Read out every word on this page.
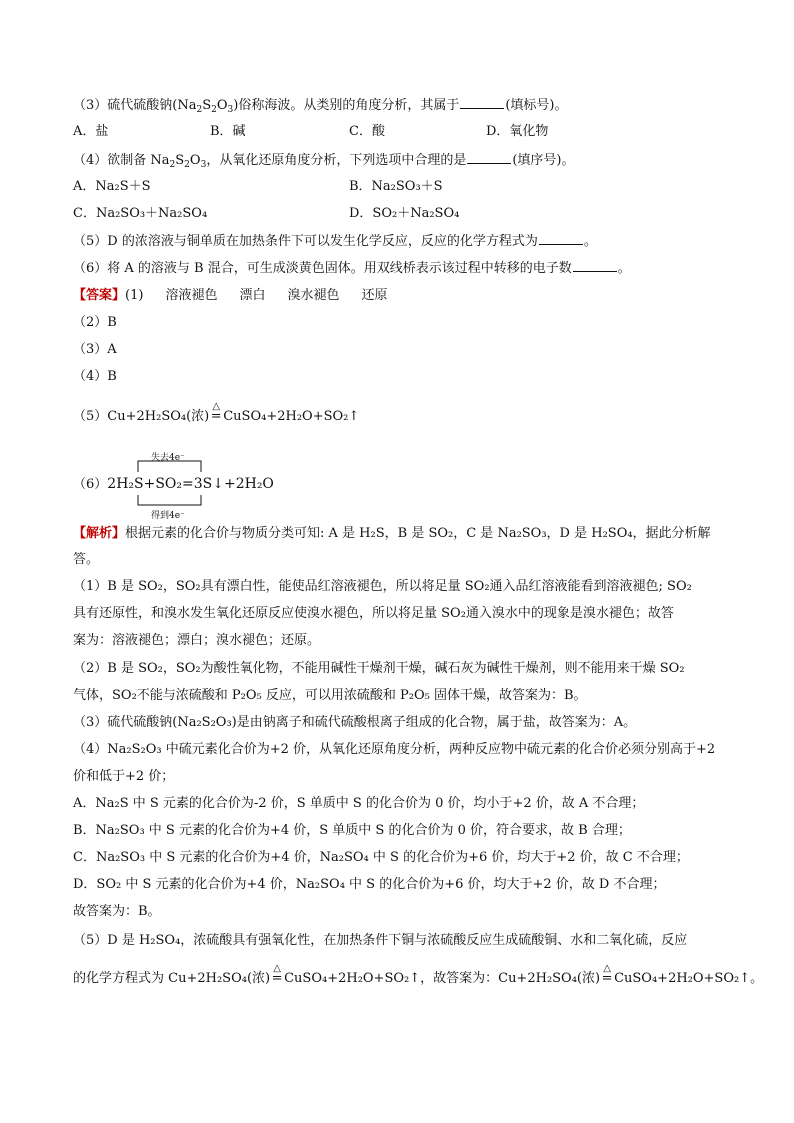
（3）硫代硫酸钠$(Na_2S_2O_3)$俗称海波。从类别的角度分析，其属于	(填标号)。
A．盐	B．碱	C．酸	D．氧化物
（4）欲制备 $Na_2S_2O_3$，从氧化还原角度分析，下列选项中合理的是	(填序号)。
A．Na₂S＋S	B．Na₂SO₃＋S
C．Na₂SO₃＋Na₂SO₄	D．SO₂＋Na₂SO₄
（5）D 的浓溶液与铜单质在加热条件下可以发生化学反应，反应的化学方程式为	。
（6）将 A 的溶液与 B 混合，可生成淡黄色固体。用双线桥表示该过程中转移的电子数	。
【答案】(1) 溶液褪色 漂白 溴水褪色 还原
（2）B
（3）A
（4）B
（5）Cu+2H₂SO₄(浓)
△
= CuSO₄+2H₂O+SO₂↑
失去4e⁻
得到4e⁻
（6）2H₂S+SO₂=3S↓+2H₂O
【解析】根据元素的化合价与物质分类可知: A 是 H₂S，B 是 SO₂，C 是 Na₂SO₃，D 是 H₂SO₄，据此分析解
答。
（1）B 是 SO₂，SO₂具有漂白性，能使品红溶液褪色，所以将足量 SO₂通入品红溶液能看到溶液褪色; SO₂
具有还原性，和溴水发生氧化还原反应使溴水褪色，所以将足量 SO₂通入溴水中的现象是溴水褪色；故答
案为：溶液褪色；漂白；溴水褪色；还原。
（2）B 是 SO₂，SO₂为酸性氧化物，不能用碱性干燥剂干燥，碱石灰为碱性干燥剂，则不能用来干燥 SO₂
气体，SO₂不能与浓硫酸和 P₂O₅ 反应，可以用浓硫酸和 P₂O₅ 固体干燥，故答案为：B。
（3）硫代硫酸钠(Na₂S₂O₃)是由钠离子和硫代硫酸根离子组成的化合物，属于盐，故答案为：A。
（4）Na₂S₂O₃ 中硫元素化合价为+2 价，从氧化还原角度分析，两种反应物中硫元素的化合价必须分别高于+2
价和低于+2 价；
A．Na₂S 中 S 元素的化合价为-2 价，S 单质中 S 的化合价为 0 价，均小于+2 价，故 A 不合理；
B．Na₂SO₃ 中 S 元素的化合价为+4 价，S 单质中 S 的化合价为 0 价，符合要求，故 B 合理；
C．Na₂SO₃ 中 S 元素的化合价为+4 价，Na₂SO₄ 中 S 的化合价为+6 价，均大于+2 价，故 C 不合理；
D．SO₂ 中 S 元素的化合价为+4 价，Na₂SO₄ 中 S 的化合价为+6 价，均大于+2 价，故 D 不合理；
故答案为：B。
（5）D 是 H₂SO₄，浓硫酸具有强氧化性，在加热条件下铜与浓硫酸反应生成硫酸铜、水和二氧化硫，反应
的化学方程式为 Cu+2H₂SO₄(浓)
△
= CuSO₄+2H₂O+SO₂↑，故答案为：Cu+2H₂SO₄(浓)
△
= CuSO₄+2H₂O+SO₂↑。
